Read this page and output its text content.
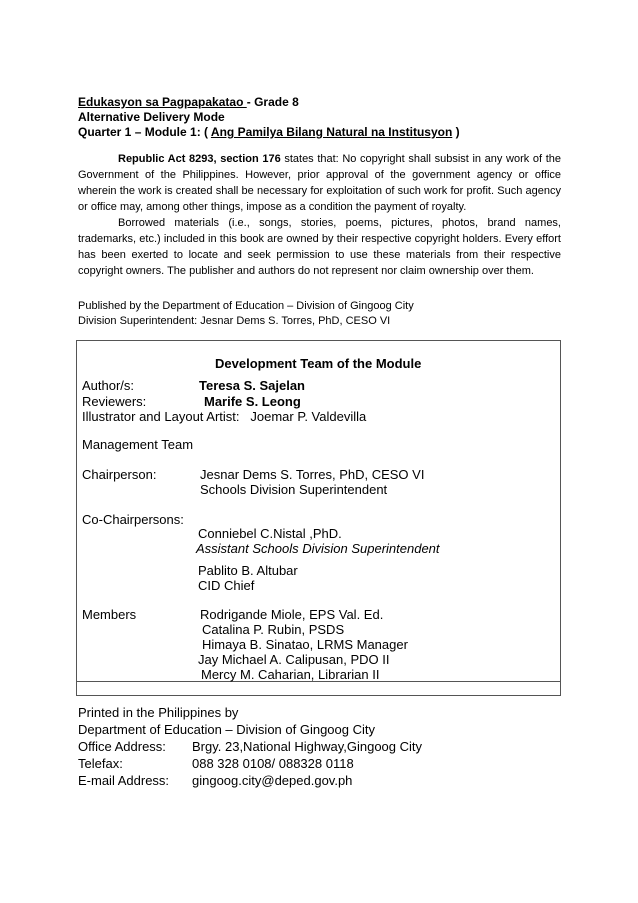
Edukasyon sa Pagpapakatao - Grade 8
Alternative Delivery Mode
Quarter 1 – Module 1: ( Ang Pamilya Bilang Natural na Institusyon )

Republic Act 8293, section 176 states that: No copyright shall subsist in any work of the Government of the Philippines. However, prior approval of the government agency or office wherein the work is created shall be necessary for exploitation of such work for profit. Such agency or office may, among other things, impose as a condition the payment of royalty.

Borrowed materials (i.e., songs, stories, poems, pictures, photos, brand names, trademarks, etc.) included in this book are owned by their respective copyright holders. Every effort has been exerted to locate and seek permission to use these materials from their respective copyright owners. The publisher and authors do not represent nor claim ownership over them.

Published by the Department of Education – Division of Gingoog City
Division Superintendent: Jesnar Dems S. Torres, PhD, CESO VI
Development Team of the Module
Author/s:	Teresa S. Sajelan
Reviewers:	Marife S. Leong
Illustrator and Layout Artist:   Joemar P. Valdevilla
Management Team
Chairperson:	Jesnar Dems S. Torres, PhD, CESO VI
Schools Division Superintendent
Co-Chairpersons:
Conniebel C.Nistal ,PhD.
Assistant Schools Division Superintendent
Pablito B. Altubar
CID Chief
Members	Rodrigande Miole, EPS Val. Ed.
Catalina P. Rubin, PSDS
Himaya B. Sinatao, LRMS Manager
Jay Michael A. Calipusan, PDO II
Mercy M. Caharian, Librarian II
Printed in the Philippines by
Department of Education – Division of Gingoog City
Office Address: Brgy. 23,National Highway,Gingoog City
Telefax:	088 328 0108/ 088328 0118
E-mail Address: gingoog.city@deped.gov.ph
